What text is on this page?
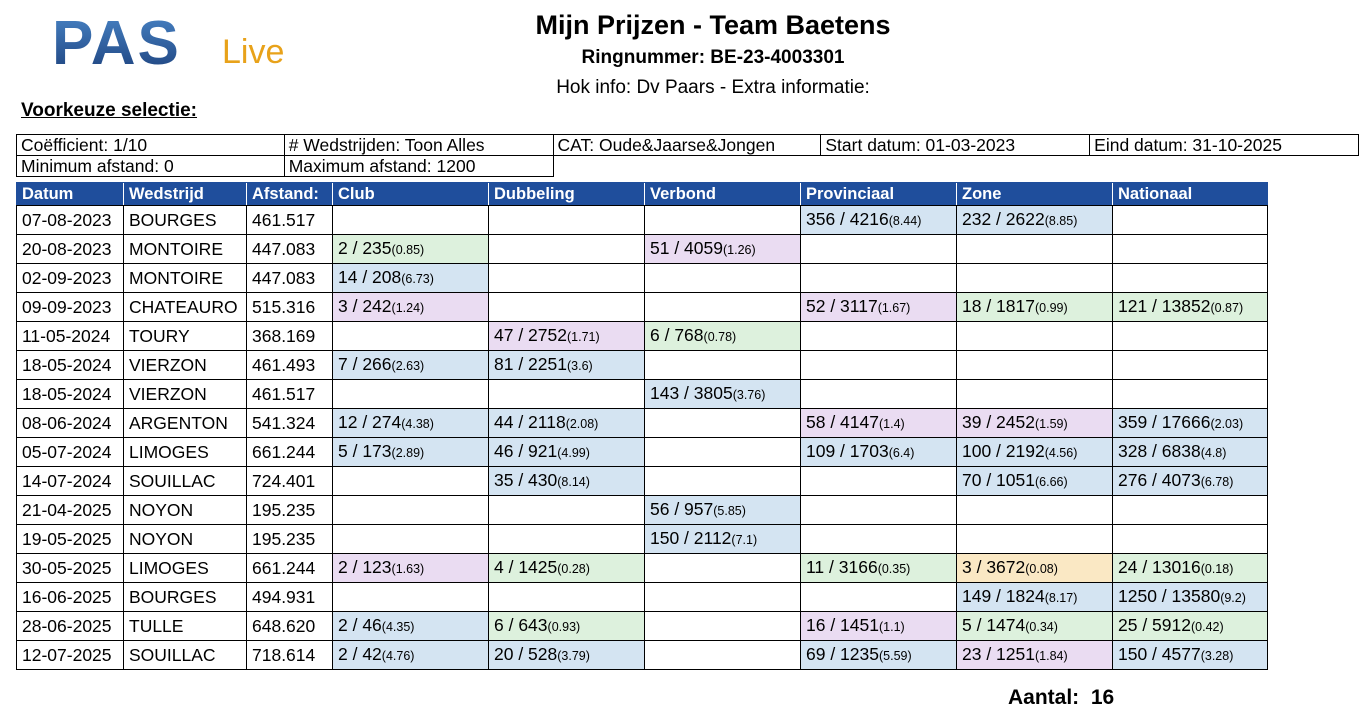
PAS Live
Mijn Prijzen - Team Baetens
Ringnummer: BE-23-4003301
Hok info: Dv Paars - Extra informatie:
Voorkeuze selectie:
Coëfficient: 1/10	# Wedstrijden: Toon Alles	CAT: Oude&Jaarse&Jongen	Start datum: 01-03-2023	Eind datum: 31-10-2025
Minimum afstand: 0	Maximum afstand: 1200			
Datum	Wedstrijd	Afstand:	Club	Dubbeling	Verbond	Provinciaal	Zone	Nationaal
07-08-2023	BOURGES	461.517				356 / 4216(8.44)	232 / 2622(8.85)	
20-08-2023	MONTOIRE	447.083	2 / 235(0.85)		51 / 4059(1.26)			
02-09-2023	MONTOIRE	447.083	14 / 208(6.73)					
09-09-2023	CHATEAURO	515.316	3 / 242(1.24)			52 / 3117(1.67)	18 / 1817(0.99)	121 / 13852(0.87)
11-05-2024	TOURY	368.169		47 / 2752(1.71)	6 / 768(0.78)			
18-05-2024	VIERZON	461.493	7 / 266(2.63)	81 / 2251(3.6)				
18-05-2024	VIERZON	461.517			143 / 3805(3.76)			
08-06-2024	ARGENTON	541.324	12 / 274(4.38)	44 / 2118(2.08)		58 / 4147(1.4)	39 / 2452(1.59)	359 / 17666(2.03)
05-07-2024	LIMOGES	661.244	5 / 173(2.89)	46 / 921(4.99)		109 / 1703(6.4)	100 / 2192(4.56)	328 / 6838(4.8)
14-07-2024	SOUILLAC	724.401		35 / 430(8.14)			70 / 1051(6.66)	276 / 4073(6.78)
21-04-2025	NOYON	195.235			56 / 957(5.85)			
19-05-2025	NOYON	195.235			150 / 2112(7.1)			
30-05-2025	LIMOGES	661.244	2 / 123(1.63)	4 / 1425(0.28)		11 / 3166(0.35)	3 / 3672(0.08)	24 / 13016(0.18)
16-06-2025	BOURGES	494.931					149 / 1824(8.17)	1250 / 13580(9.2)
28-06-2025	TULLE	648.620	2 / 46(4.35)	6 / 643(0.93)		16 / 1451(1.1)	5 / 1474(0.34)	25 / 5912(0.42)
12-07-2025	SOUILLAC	718.614	2 / 42(4.76)	20 / 528(3.79)		69 / 1235(5.59)	23 / 1251(1.84)	150 / 4577(3.28)
Aantal: 16
